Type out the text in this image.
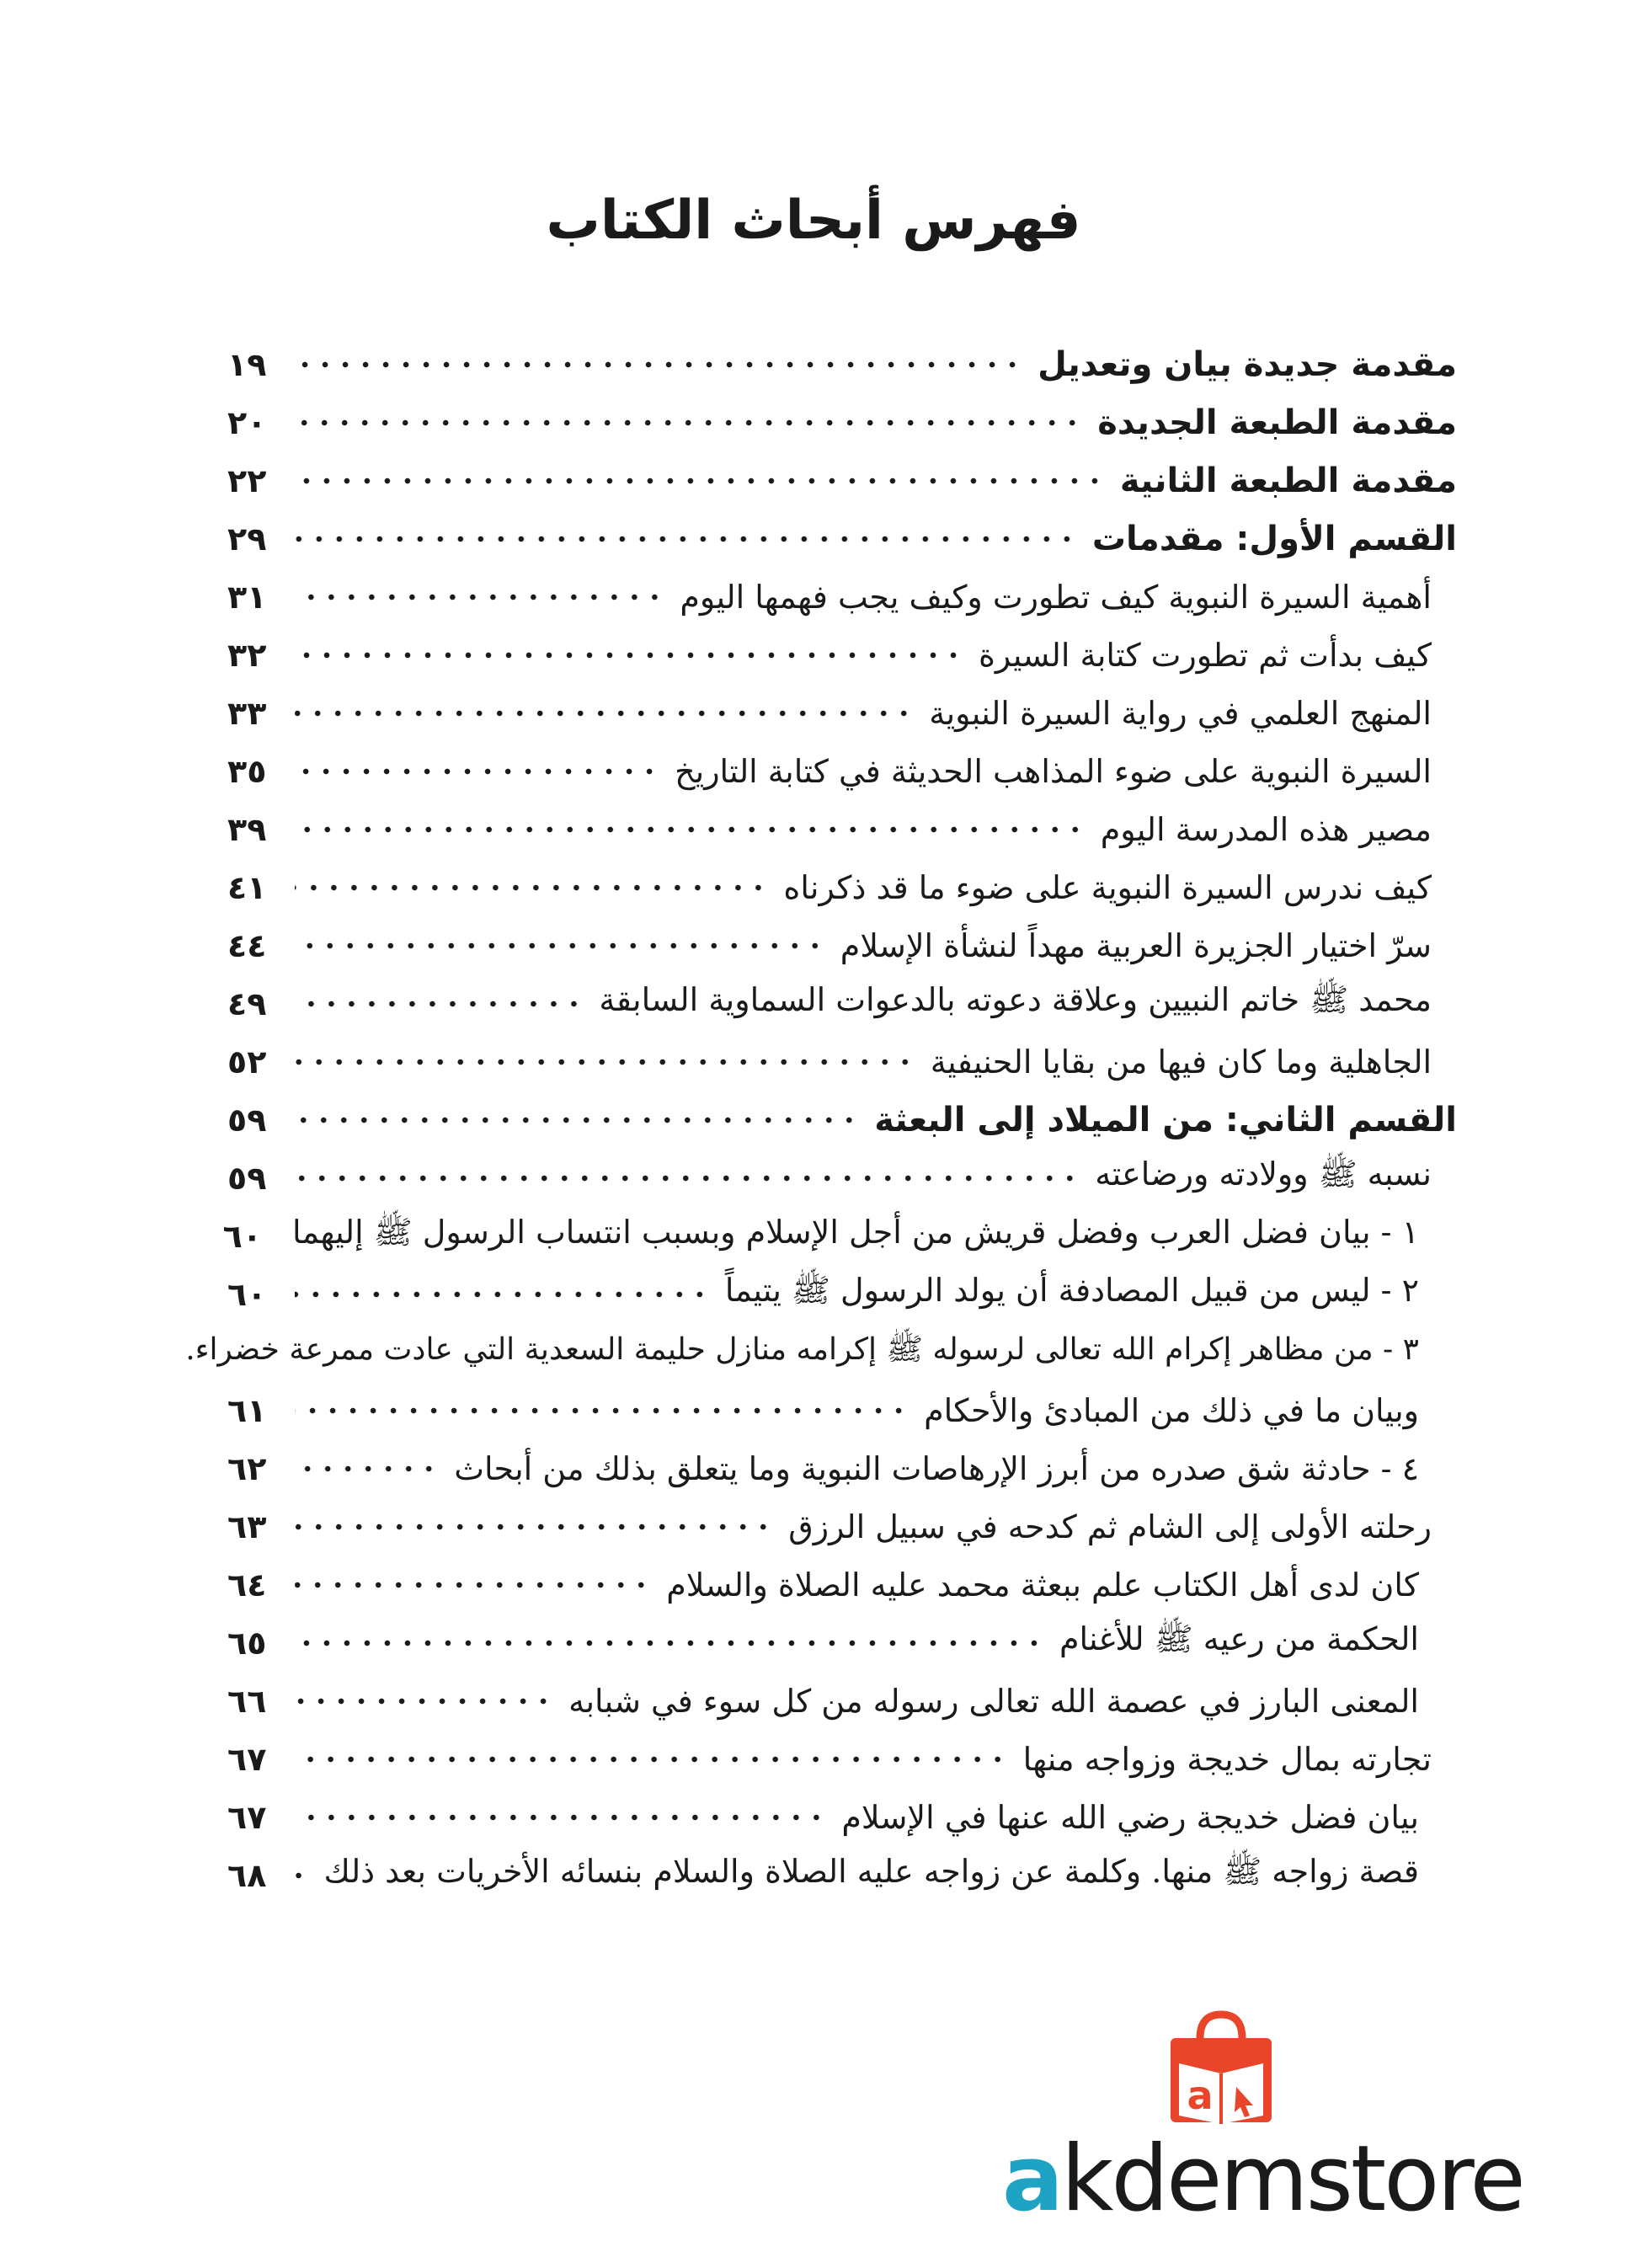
فهرس أبحاث الكتاب
مقدمة جديدة بيان وتعديل
١٩
مقدمة الطبعة الجديدة
٢٠
مقدمة الطبعة الثانية
٢٢
القسم الأول: مقدمات
٢٩
أهمية السيرة النبوية كيف تطورت وكيف يجب فهمها اليوم
٣١
كيف بدأت ثم تطورت كتابة السيرة
٣٢
المنهج العلمي في رواية السيرة النبوية
٣٣
السيرة النبوية على ضوء المذاهب الحديثة في كتابة التاريخ
٣٥
مصير هذه المدرسة اليوم
٣٩
كيف ندرس السيرة النبوية على ضوء ما قد ذكرناه
٤١
سرّ اختيار الجزيرة العربية مهداً لنشأة الإسلام
٤٤
محمد ﷺ خاتم النبيين وعلاقة دعوته بالدعوات السماوية السابقة
٤٩
الجاهلية وما كان فيها من بقايا الحنيفية
٥٢
القسم الثاني: من الميلاد إلى البعثة
٥٩
نسبه ﷺ وولادته ورضاعته
٥٩
١ - بيان فضل العرب وفضل قريش من أجل الإسلام وبسبب انتساب الرسول ﷺ إليهما
٦٠
٢ - ليس من قبيل المصادفة أن يولد الرسول ﷺ يتيماً
٦٠
٣ - من مظاهر إكرام الله تعالى لرسوله ﷺ إكرامه منازل حليمة السعدية التي عادت ممرعة خضراء.
وبيان ما في ذلك من المبادئ والأحكام
٦١
٤ - حادثة شق صدره من أبرز الإرهاصات النبوية وما يتعلق بذلك من أبحاث
٦٢
رحلته الأولى إلى الشام ثم كدحه في سبيل الرزق
٦٣
كان لدى أهل الكتاب علم ببعثة محمد عليه الصلاة والسلام
٦٤
الحكمة من رعيه ﷺ للأغنام
٦٥
المعنى البارز في عصمة الله تعالى رسوله من كل سوء في شبابه
٦٦
تجارته بمال خديجة وزواجه منها
٦٧
بيان فضل خديجة رضي الله عنها في الإسلام
٦٧
قصة زواجه ﷺ منها. وكلمة عن زواجه عليه الصلاة والسلام بنسائه الأخريات بعد ذلك
٦٨
a
akdemstore
